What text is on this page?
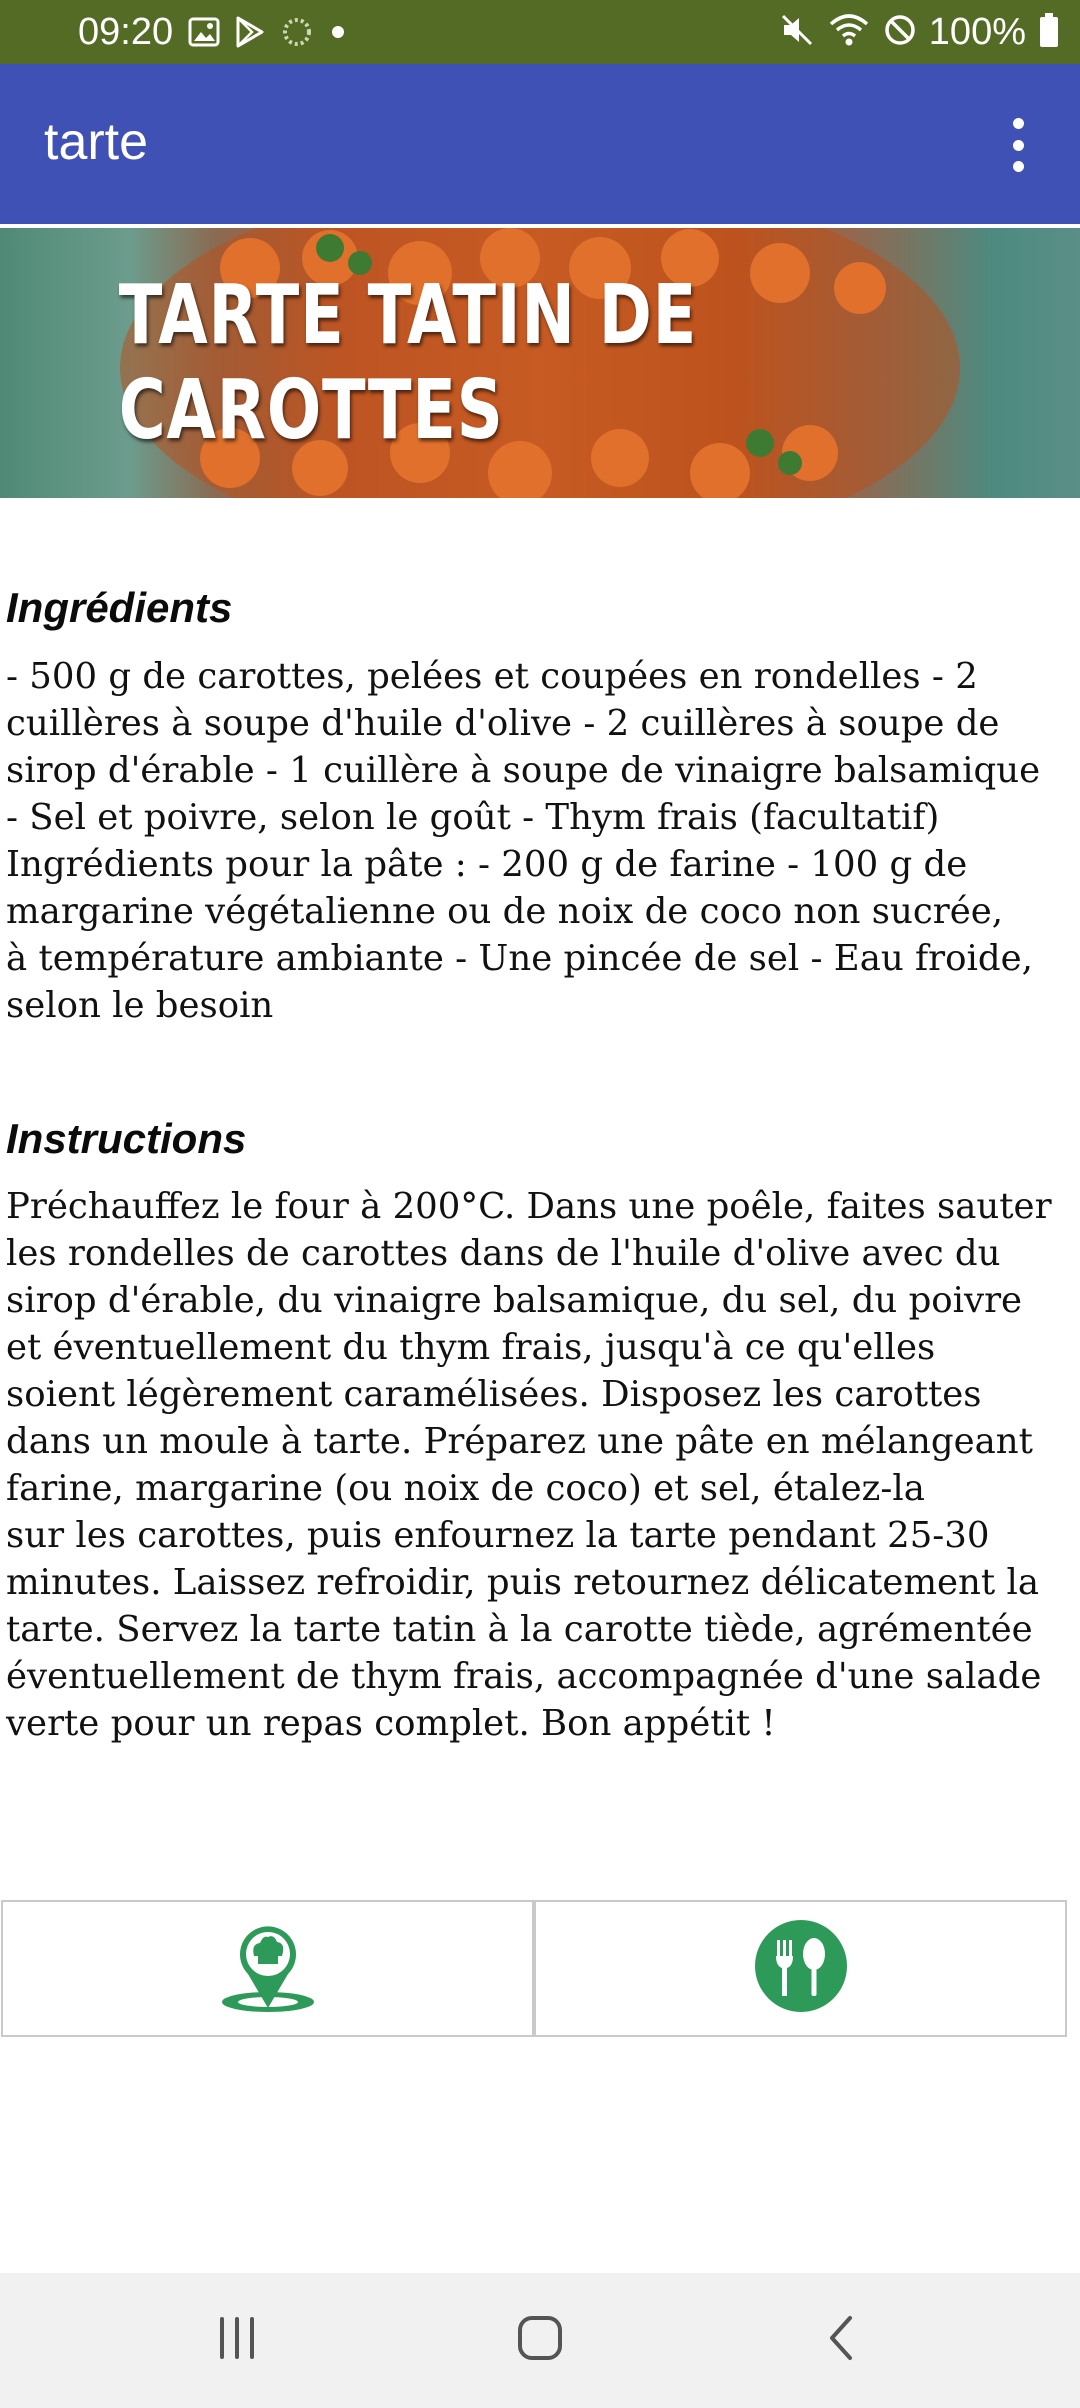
09:20	100%
tarte
TARTE TATIN DE CAROTTES
Ingrédients
- 500 g de carottes, pelées et coupées en rondelles - 2
cuillères à soupe d'huile d'olive - 2 cuillères à soupe de
sirop d'érable - 1 cuillère à soupe de vinaigre balsamique
- Sel et poivre, selon le goût - Thym frais (facultatif)
Ingrédients pour la pâte : - 200 g de farine - 100 g de
margarine végétalienne ou de noix de coco non sucrée,
à température ambiante - Une pincée de sel - Eau froide,
selon le besoin
Instructions
Préchauffez le four à 200°C. Dans une poêle, faites sauter
les rondelles de carottes dans de l'huile d'olive avec du
sirop d'érable, du vinaigre balsamique, du sel, du poivre
et éventuellement du thym frais, jusqu'à ce qu'elles
soient légèrement caramélisées. Disposez les carottes
dans un moule à tarte. Préparez une pâte en mélangeant
farine, margarine (ou noix de coco) et sel, étalez-la
sur les carottes, puis enfournez la tarte pendant 25-30
minutes. Laissez refroidir, puis retournez délicatement la
tarte. Servez la tarte tatin à la carotte tiède, agrémentée
éventuellement de thym frais, accompagnée d'une salade
verte pour un repas complet. Bon appétit !
